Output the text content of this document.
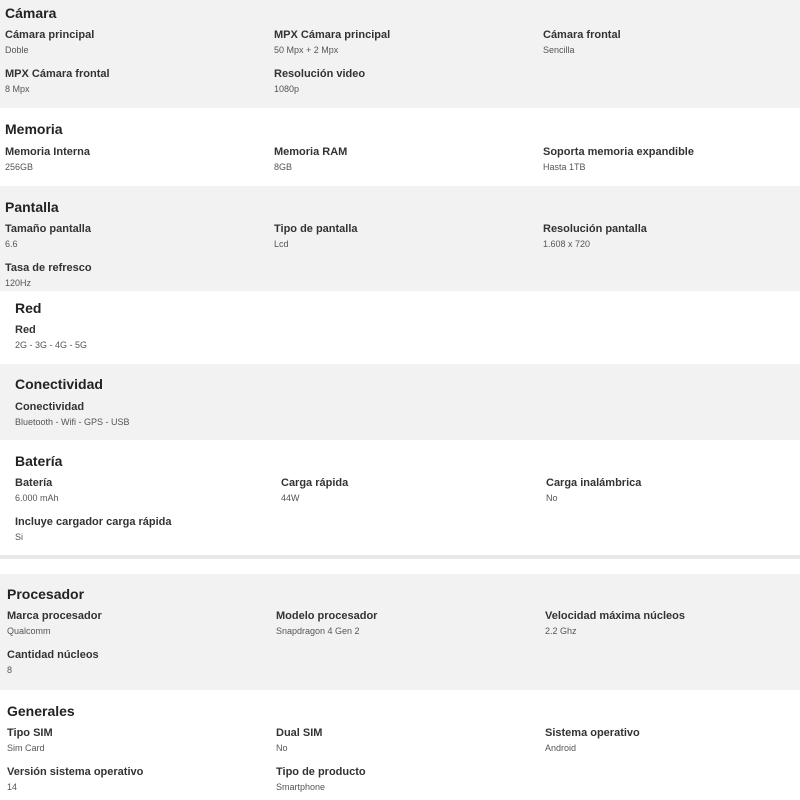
Cámara
Cámara principal
Doble
MPX Cámara principal
50 Mpx + 2 Mpx
Cámara frontal
Sencilla
MPX Cámara frontal
8 Mpx
Resolución video
1080p
Memoria
Memoria Interna
256GB
Memoria RAM
8GB
Soporta memoria expandible
Hasta 1TB
Pantalla
Tamaño pantalla
6.6
Tipo de pantalla
Lcd
Resolución pantalla
1.608 x 720
Tasa de refresco
120Hz
Red
Red
2G - 3G - 4G - 5G
Conectividad
Conectividad
Bluetooth - Wifi - GPS - USB
Batería
Batería
6.000 mAh
Carga rápida
44W
Carga inalámbrica
No
Incluye cargador carga rápida
Si
Procesador
Marca procesador
Qualcomm
Modelo procesador
Snapdragon 4 Gen 2
Velocidad máxima núcleos
2.2 Ghz
Cantidad núcleos
8
Generales
Tipo SIM
Sim Card
Dual SIM
No
Sistema operativo
Android
Versión sistema operativo
14
Tipo de producto
Smartphone
